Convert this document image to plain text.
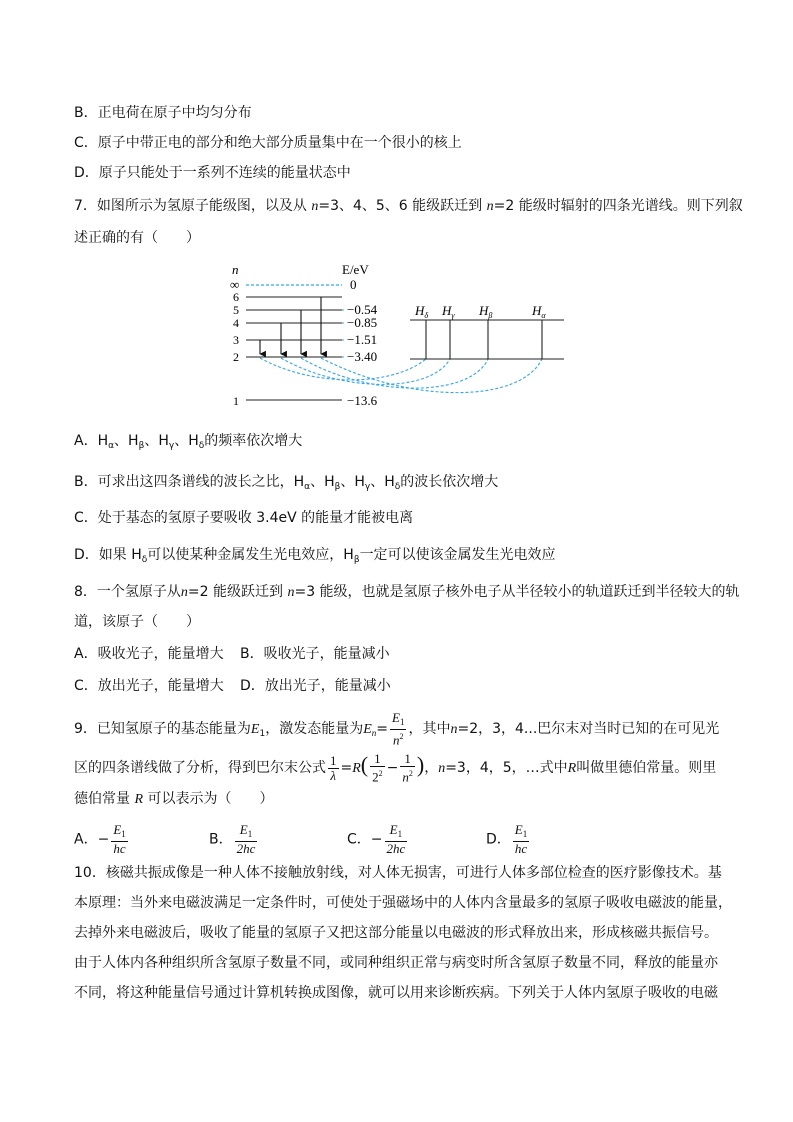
B．正电荷在原子中均匀分布
C．原子中带正电的部分和绝大部分质量集中在一个很小的核上
D．原子只能处于一系列不连续的能量状态中
7．如图所示为氢原子能级图，以及从 n=3、4、5、6 能级跃迁到 n=2 能级时辐射的四条光谱线。则下列叙
述正确的有（　　）
n	E/eV
∞
6
5
4
3
2
1
0
−0.54
−0.85
−1.51
−3.40
−13.6
$H_\delta$ $H_\gamma$ $H_\beta$	$H_\alpha$
A．$H_\alpha$、$H_\beta$、$H_\gamma$、$H_\delta$的频率依次增大
B．可求出这四条谱线的波长之比，$H_\alpha$、$H_\beta$、$H_\gamma$、$H_\delta$的波长依次增大
C．处于基态的氢原子要吸收 3.4eV 的能量才能被电离
D．如果 $H_\delta$可以使某种金属发生光电效应，$H_\beta$一定可以使该金属发生光电效应
8．一个氢原子从n=2 能级跃迁到 n=3 能级，也就是氢原子核外电子从半径较小的轨道跃迁到半径较大的轨
道，该原子（　　）
A．吸收光子，能量增大 B．吸收光子，能量减小
C．放出光子，能量增大 D．放出光子，能量减小
9．已知氢原子的基态能量为$E_1$，激发态能量为$E_n= \frac{E_1}{n^2}$ ，其中n=2，3，4...巴尔末对当时已知的在可见光
区的四条谱线做了分析，得到巴尔末公式 $\frac{1}{\lambda} =R( \frac{1}{2^2} - \frac{1}{n^2}$ )，n=3，4，5，…式中R叫做里德伯常量。则里
德伯常量 R 可以表示为（　　）
A．− $\frac{E_1}{hc}$	B． $\frac{E_1}{2hc}$	C．− $\frac{E_1}{2hc}$	D． $\frac{E_1}{hc}$
10．核磁共振成像是一种人体不接触放射线，对人体无损害，可进行人体多部位检查的医疗影像技术。基
本原理：当外来电磁波满足一定条件时，可使处于强磁场中的人体内含量最多的氢原子吸收电磁波的能量，
去掉外来电磁波后，吸收了能量的氢原子又把这部分能量以电磁波的形式释放出来，形成核磁共振信号。
由于人体内各种组织所含氢原子数量不同，或同种组织正常与病变时所含氢原子数量不同，释放的能量亦
不同，将这种能量信号通过计算机转换成图像，就可以用来诊断疾病。下列关于人体内氢原子吸收的电磁
